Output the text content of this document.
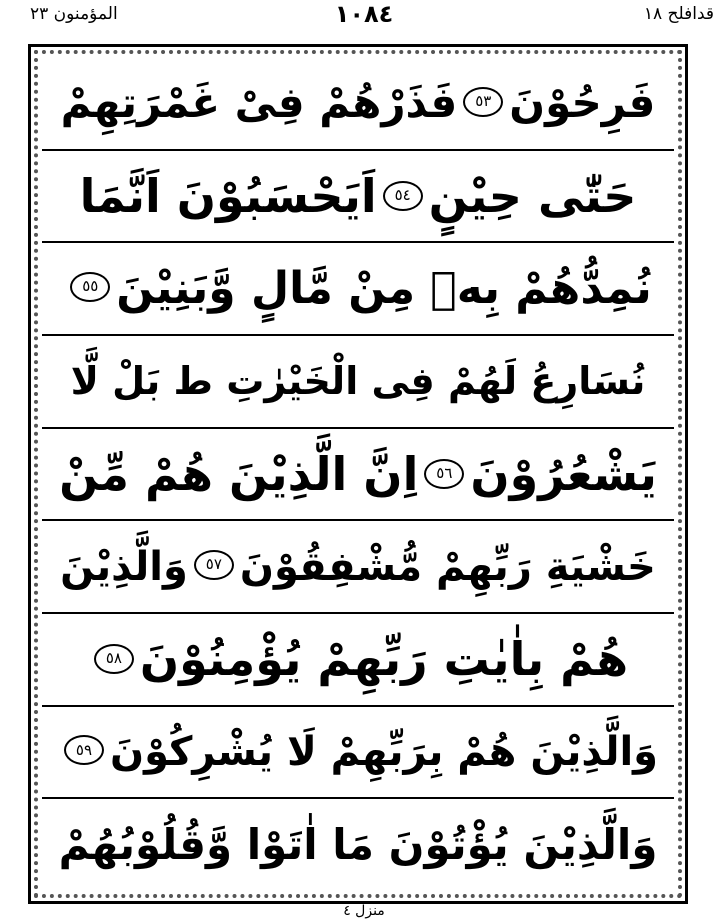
قدافلح ١٨
١٠٨٤
المؤمنون ٢٣
فَرِحُوْنَ٥٣فَذَرْهُمْ فِىْ غَمْرَتِهِمْ
حَتّٰى حِيْنٍ٥٤اَيَحْسَبُوْنَ اَنَّمَا
نُمِدُّهُمْ بِهٖ مِنْ مَّالٍ وَّبَنِيْنَ٥٥
نُسَارِعُ لَهُمْ فِى الْخَيْرٰتِ ط بَلْ لَّا
يَشْعُرُوْنَ٥٦اِنَّ الَّذِيْنَ هُمْ مِّنْ
خَشْيَةِ رَبِّهِمْ مُّشْفِقُوْنَ٥٧وَالَّذِيْنَ
هُمْ بِاٰيٰتِ رَبِّهِمْ يُؤْمِنُوْنَ٥٨
وَالَّذِيْنَ هُمْ بِرَبِّهِمْ لَا يُشْرِكُوْنَ٥٩
وَالَّذِيْنَ يُؤْتُوْنَ مَا اٰتَوْا وَّقُلُوْبُهُمْ
منزل ٤
